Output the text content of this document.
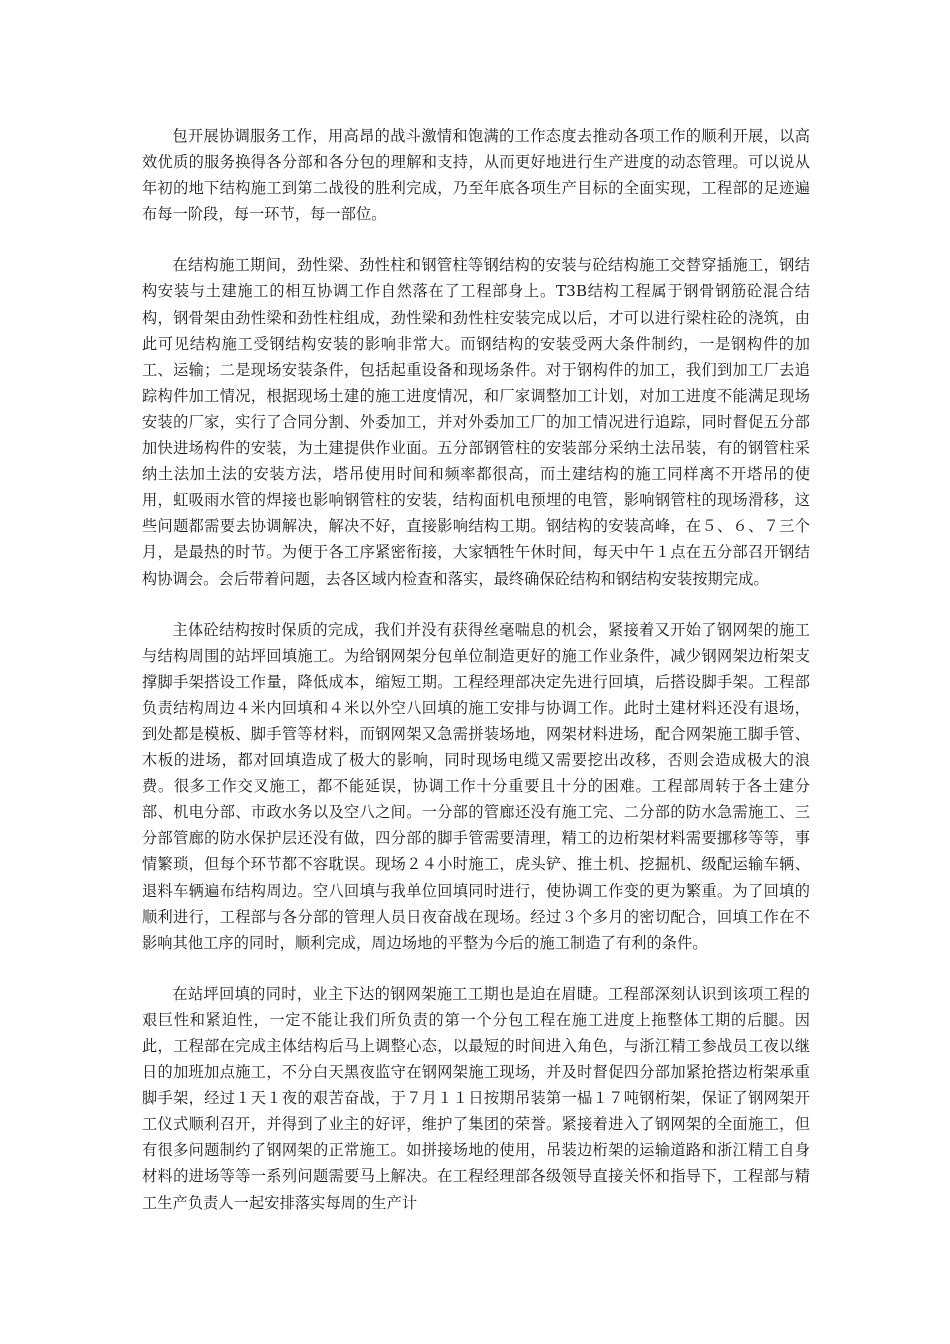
包开展协调服务工作，用高昂的战斗激情和饱满的工作态度去推动各项工作的顺利开展，以高效优质的服务换得各分部和各分包的理解和支持，从而更好地进行生产进度的动态管理。可以说从年初的地下结构施工到第二战役的胜利完成，乃至年底各项生产目标的全面实现，工程部的足迹遍布每一阶段，每一环节，每一部位。

在结构施工期间，劲性梁、劲性柱和钢管柱等钢结构的安装与砼结构施工交替穿插施工，钢结构安装与土建施工的相互协调工作自然落在了工程部身上。T3B结构工程属于钢骨钢筋砼混合结构，钢骨架由劲性梁和劲性柱组成，劲性梁和劲性柱安装完成以后，才可以进行梁柱砼的浇筑，由此可见结构施工受钢结构安装的影响非常大。而钢结构的安装受两大条件制约，一是钢构件的加工、运输；二是现场安装条件，包括起重设备和现场条件。对于钢构件的加工，我们到加工厂去追踪构件加工情况，根据现场土建的施工进度情况，和厂家调整加工计划，对加工进度不能满足现场安装的厂家，实行了合同分割、外委加工，并对外委加工厂的加工情况进行追踪，同时督促五分部加快进场构件的安装，为土建提供作业面。五分部钢管柱的安装部分采纳土法吊装，有的钢管柱采纳土法加土法的安装方法，塔吊使用时间和频率都很高，而土建结构的施工同样离不开塔吊的使用，虹吸雨水管的焊接也影响钢管柱的安装，结构面机电预埋的电管，影响钢管柱的现场滑移，这些问题都需要去协调解决，解决不好，直接影响结构工期。钢结构的安装高峰，在５、６、７三个月，是最热的时节。为便于各工序紧密衔接，大家牺牲午休时间，每天中午１点在五分部召开钢结构协调会。会后带着问题，去各区域内检查和落实，最终确保砼结构和钢结构安装按期完成。

主体砼结构按时保质的完成，我们并没有获得丝毫喘息的机会，紧接着又开始了钢网架的施工与结构周围的站坪回填施工。为给钢网架分包单位制造更好的施工作业条件，减少钢网架边桁架支撑脚手架搭设工作量，降低成本，缩短工期。工程经理部决定先进行回填，后搭设脚手架。工程部负责结构周边４米内回填和４米以外空八回填的施工安排与协调工作。此时土建材料还没有退场，到处都是模板、脚手管等材料，而钢网架又急需拼装场地，网架材料进场，配合网架施工脚手管、木板的进场，都对回填造成了极大的影响，同时现场电缆又需要挖出改移，否则会造成极大的浪费。很多工作交叉施工，都不能延误，协调工作十分重要且十分的困难。工程部周转于各土建分部、机电分部、市政水务以及空八之间。一分部的管廊还没有施工完、二分部的防水急需施工、三分部管廊的防水保护层还没有做，四分部的脚手管需要清理，精工的边桁架材料需要挪移等等，事情繁琐，但每个环节都不容耽误。现场２４小时施工，虎头铲、推土机、挖掘机、级配运输车辆、退料车辆遍布结构周边。空八回填与我单位回填同时进行，使协调工作变的更为繁重。为了回填的顺利进行，工程部与各分部的管理人员日夜奋战在现场。经过３个多月的密切配合，回填工作在不影响其他工序的同时，顺利完成，周边场地的平整为今后的施工制造了有利的条件。

在站坪回填的同时，业主下达的钢网架施工工期也是迫在眉睫。工程部深刻认识到该项工程的艰巨性和紧迫性，一定不能让我们所负责的第一个分包工程在施工进度上拖整体工期的后腿。因此，工程部在完成主体结构后马上调整心态，以最短的时间进入角色，与浙江精工参战员工夜以继日的加班加点施工，不分白天黑夜监守在钢网架施工现场，并及时督促四分部加紧抢搭边桁架承重脚手架，经过１天１夜的艰苦奋战，于７月１１日按期吊装第一榀１７吨钢桁架，保证了钢网架开工仪式顺利召开，并得到了业主的好评，维护了集团的荣誉。紧接着进入了钢网架的全面施工，但有很多问题制约了钢网架的正常施工。如拼接场地的使用，吊装边桁架的运输道路和浙江精工自身材料的进场等等一系列问题需要马上解决。在工程经理部各级领导直接关怀和指导下，工程部与精工生产负责人一起安排落实每周的生产计
